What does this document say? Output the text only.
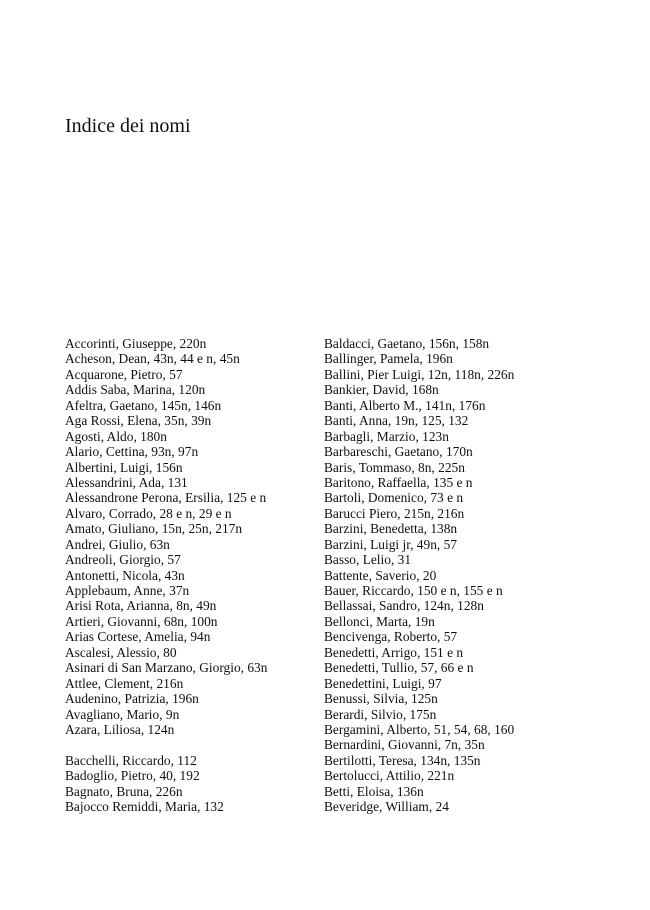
Indice dei nomi
Accorinti, Giuseppe, 220n
Acheson, Dean, 43n, 44 e n, 45n
Acquarone, Pietro, 57
Addis Saba, Marina, 120n
Afeltra, Gaetano, 145n, 146n
Aga Rossi, Elena, 35n, 39n
Agosti, Aldo, 180n
Alario, Cettina, 93n, 97n
Albertini, Luigi, 156n
Alessandrini, Ada, 131
Alessandrone Perona, Ersilia, 125 e n
Alvaro, Corrado, 28 e n, 29 e n
Amato, Giuliano, 15n, 25n, 217n
Andrei, Giulio, 63n
Andreoli, Giorgio, 57
Antonetti, Nicola, 43n
Applebaum, Anne, 37n
Arisi Rota, Arianna, 8n, 49n
Artieri, Giovanni, 68n, 100n
Arias Cortese, Amelia, 94n
Ascalesi, Alessio, 80
Asinari di San Marzano, Giorgio, 63n
Attlee, Clement, 216n
Audenino, Patrizia, 196n
Avagliano, Mario, 9n
Azara, Liliosa, 124n
Bacchelli, Riccardo, 112
Badoglio, Pietro, 40, 192
Bagnato, Bruna, 226n
Bajocco Remiddi, Maria, 132
Baldacci, Gaetano, 156n, 158n
Ballinger, Pamela, 196n
Ballini, Pier Luigi, 12n, 118n, 226n
Bankier, David, 168n
Banti, Alberto M., 141n, 176n
Banti, Anna, 19n, 125, 132
Barbagli, Marzio, 123n
Barbareschi, Gaetano, 170n
Baris, Tommaso, 8n, 225n
Baritono, Raffaella, 135 e n
Bartoli, Domenico, 73 e n
Barucci Piero, 215n, 216n
Barzini, Benedetta, 138n
Barzini, Luigi jr, 49n, 57
Basso, Lelio, 31
Battente, Saverio, 20
Bauer, Riccardo, 150 e n, 155 e n
Bellassai, Sandro, 124n, 128n
Bellonci, Marta, 19n
Bencivenga, Roberto, 57
Benedetti, Arrigo, 151 e n
Benedetti, Tullio, 57, 66 e n
Benedettini, Luigi, 97
Benussi, Silvia, 125n
Berardi, Silvio, 175n
Bergamini, Alberto, 51, 54, 68, 160
Bernardini, Giovanni, 7n, 35n
Bertilotti, Teresa, 134n, 135n
Bertolucci, Attilio, 221n
Betti, Eloisa, 136n
Beveridge, William, 24
